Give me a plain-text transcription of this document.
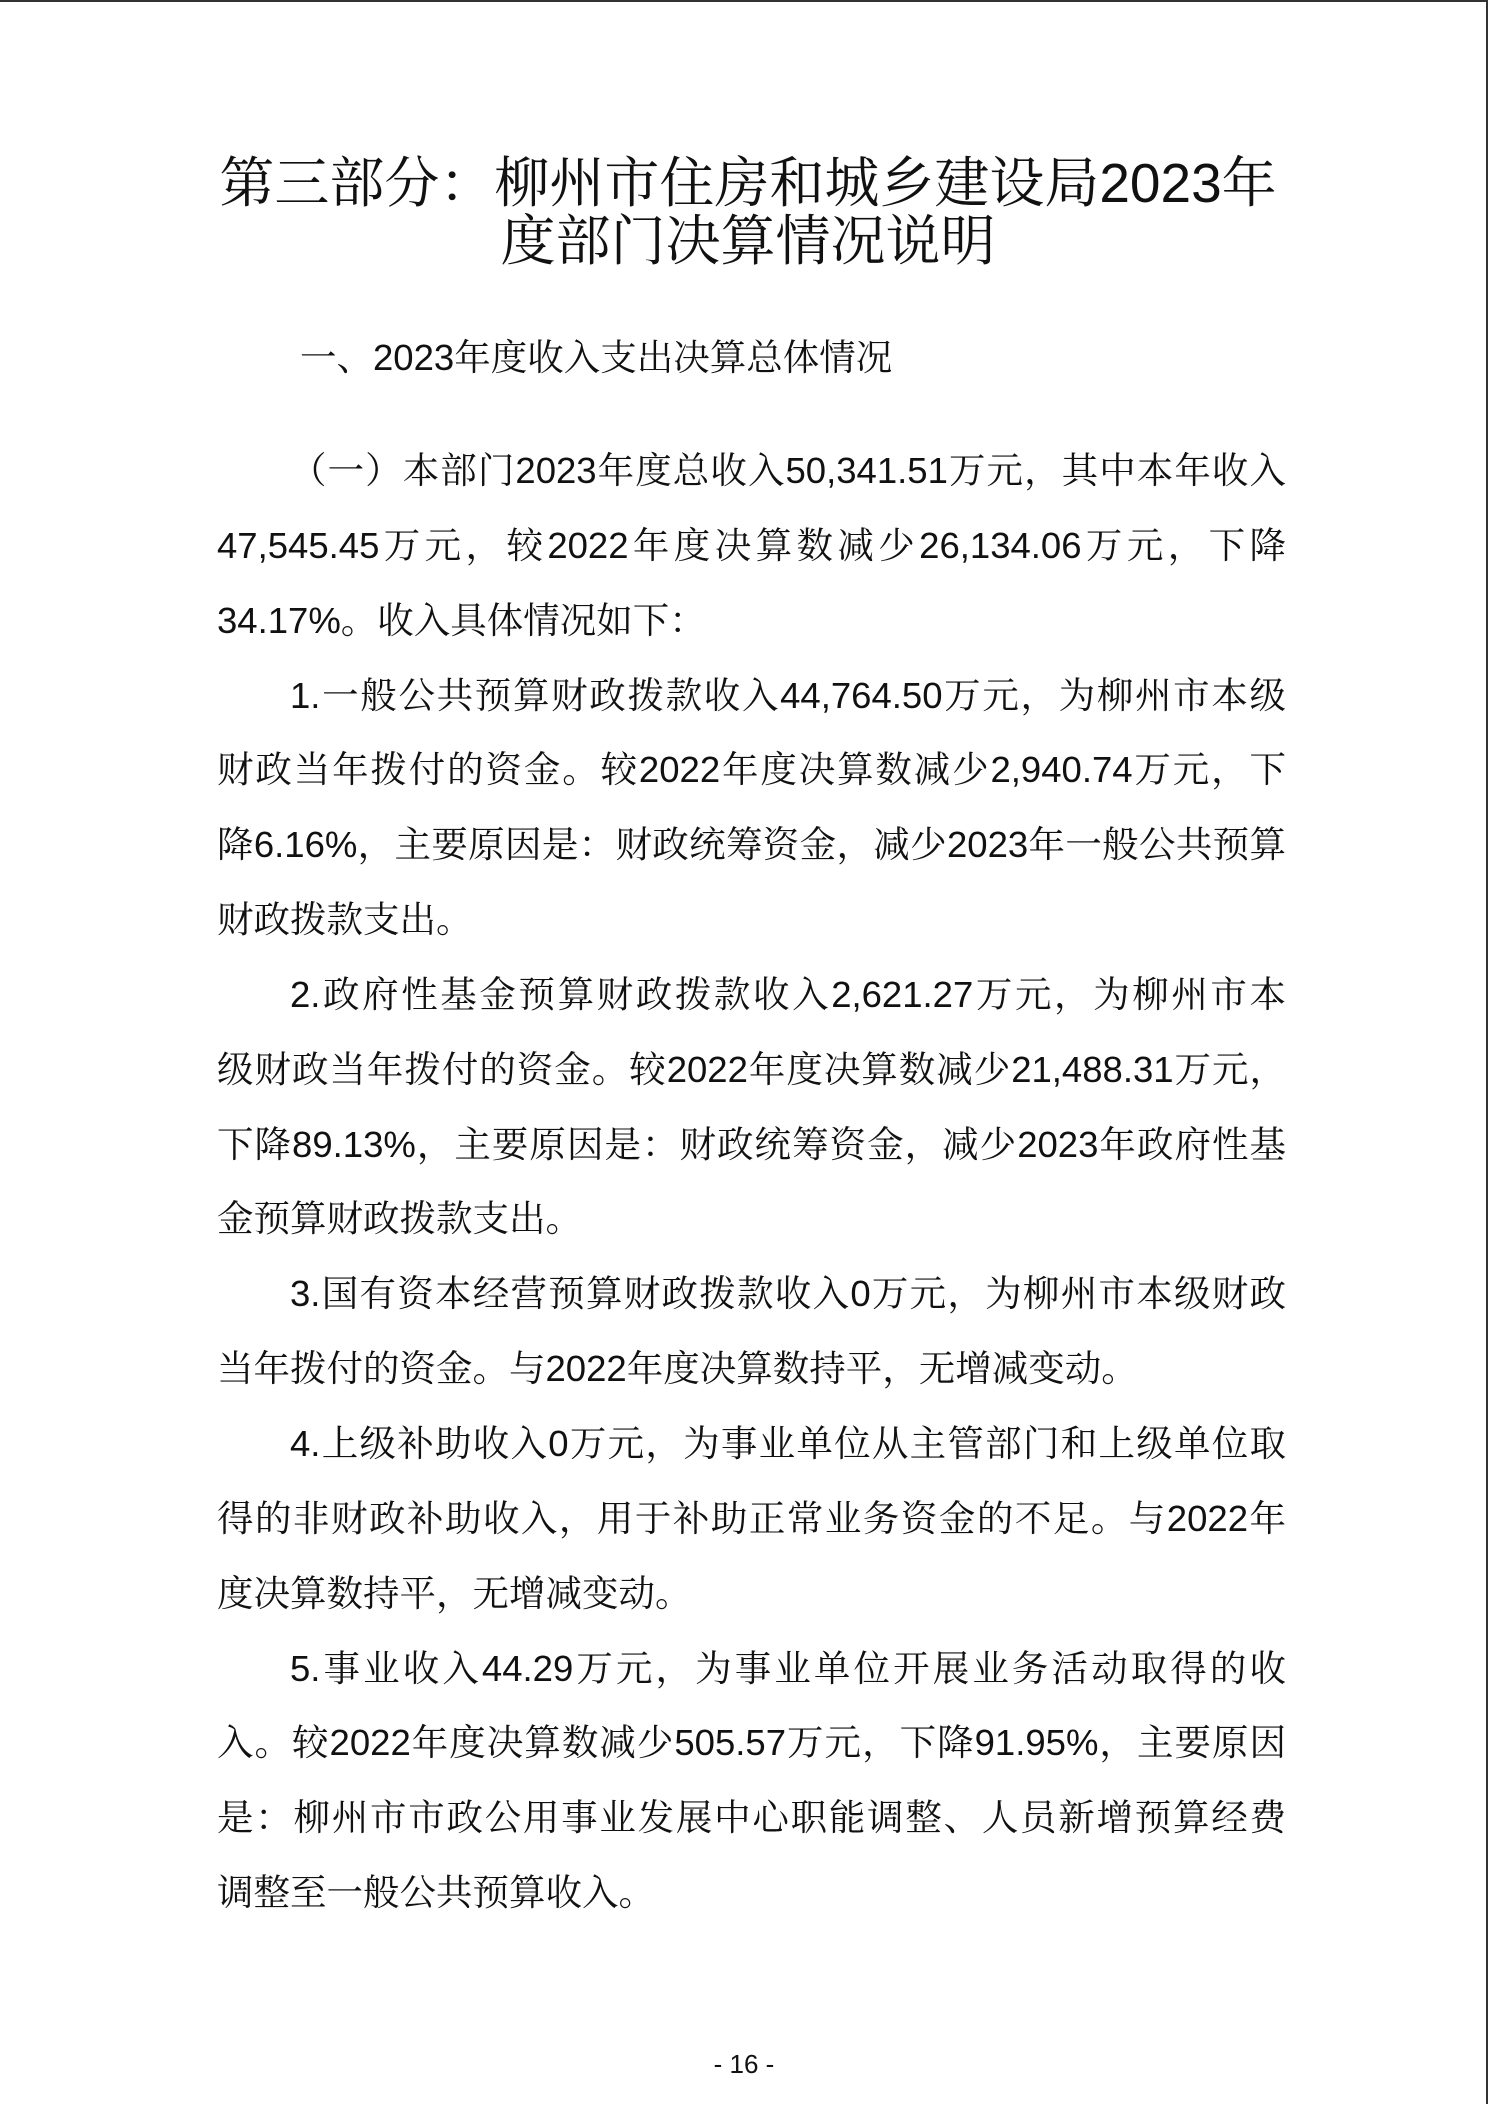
第三部分：柳州市住房和城乡建设局2023年
度部门决算情况说明
一、2023年度收入支出决算总体情况
（一）本部门2023年度总收入50,341.51万元，其中本年收入
47,545.45万元，较2022年度决算数减少26,134.06万元，下降
34.17%。收入具体情况如下：
1.一般公共预算财政拨款收入44,764.50万元，为柳州市本级
财政当年拨付的资金。较2022年度决算数减少2,940.74万元，下
降6.16%，主要原因是：财政统筹资金，减少2023年一般公共预算
财政拨款支出。
2.政府性基金预算财政拨款收入2,621.27万元，为柳州市本
级财政当年拨付的资金。较2022年度决算数减少21,488.31万元，
下降89.13%，主要原因是：财政统筹资金，减少2023年政府性基
金预算财政拨款支出。
3.国有资本经营预算财政拨款收入0万元，为柳州市本级财政
当年拨付的资金。与2022年度决算数持平，无增减变动。
4.上级补助收入0万元，为事业单位从主管部门和上级单位取
得的非财政补助收入，用于补助正常业务资金的不足。与2022年
度决算数持平，无增减变动。
5.事业收入44.29万元，为事业单位开展业务活动取得的收
入。较2022年度决算数减少505.57万元，下降91.95%，主要原因
是：柳州市市政公用事业发展中心职能调整、人员新增预算经费
调整至一般公共预算收入。
- 16 -
